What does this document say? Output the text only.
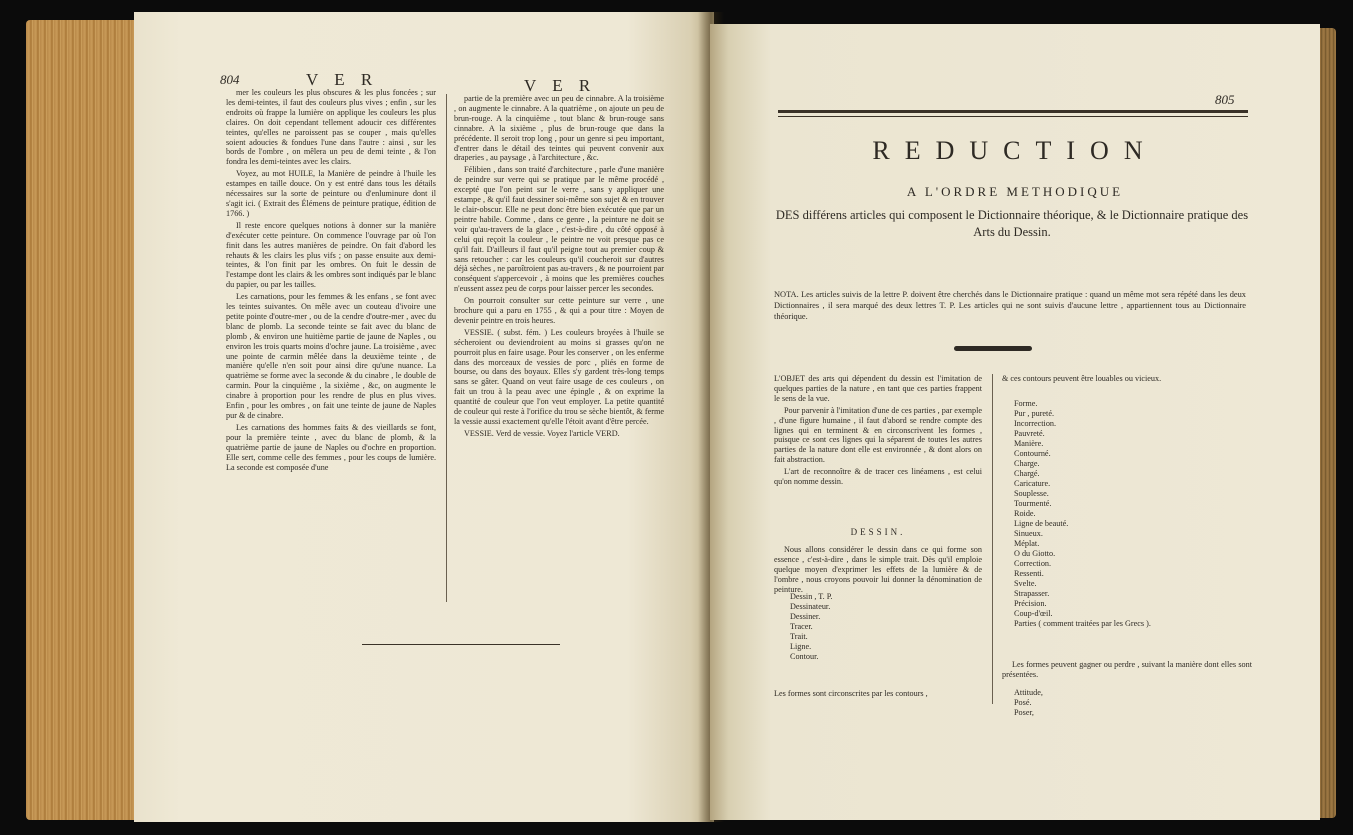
804	V E R	V E R

mer les couleurs les plus obscures & les plus foncées ; sur les demi-teintes, il faut des couleurs plus vives ; enfin , sur les endroits où frappe la lumière on applique les couleurs les plus claires. On doit cependant tellement adoucir ces différentes teintes, qu'elles ne paroissent pas se couper , mais qu'elles soient adoucies & fondues l'une dans l'autre : ainsi , sur les bords de l'ombre , on mêlera un peu de demi teinte , & l'on fondra les demi-teintes avec les clairs.

Voyez, au mot HUILE, la Manière de peindre à l'huile les estampes en taille douce. On y est entré dans tous les détails nécessaires sur la sorte de peinture ou d'enluminure dont il s'agit ici. ( Extrait des Élémens de peinture pratique, édition de 1766. )

Il reste encore quelques notions à donner sur la manière d'exécuter cette peinture. On commence l'ouvrage par où l'on finit dans les autres manières de peindre. On fait d'abord les rehauts & les clairs les plus vifs ; on passe ensuite aux demi-teintes, & l'on finit par les ombres. On fuit le dessin de l'estampe dont les clairs & les ombres sont indiqués par le blanc du papier, ou par les tailles.

Les carnations, pour les femmes & les enfans , se font avec les teintes suivantes. On mêle avec un couteau d'ivoire une petite pointe d'outre-mer , ou de la cendre d'outre-mer , avec du blanc de plomb. La seconde teinte se fait avec du blanc de plomb , & environ une huitième partie de jaune de Naples , ou environ les trois quarts moins d'ochre jaune. La troisième , avec une pointe de carmin mêlée dans la deuxième teinte , de manière qu'elle n'en soit pour ainsi dire qu'une nuance. La quatrième se forme avec la seconde & du cinabre , le double de carmin. Pour la cinquième , la sixième , &c, on augmente le cinabre à proportion pour les rendre de plus en plus vives. Enfin , pour les ombres , on fait une teinte de jaune de Naples pur & de cinabre.

Les carnations des hommes faits & des vieillards se font, pour la première teinte , avec du blanc de plomb, & la quatrième partie de jaune de Naples ou d'ochre en proportion. Elle sert, comme celle des femmes , pour les coups de lumière. La seconde est composée d'une

partie de la première avec un peu de cinnabre. A la troisième , on augmente le cinnabre. A la quatrième , on ajoute un peu de brun-rouge. A la cinquième , tout blanc & brun-rouge sans cinnabre. A la sixième , plus de brun-rouge que dans la précédente. Il seroit trop long , pour un genre si peu important, d'entrer dans le détail des teintes qui peuvent convenir aux draperies , au paysage , à l'architecture , &c.

Félibien , dans son traité d'architecture , parle d'une manière de peindre sur verre qui se pratique par le même procédé , excepté que l'on peint sur le verre , sans y appliquer une estampe , & qu'il faut dessiner soi-même son sujet & en trouver le clair-obscur. Elle ne peut donc être bien exécutée que par un peintre habile. Comme , dans ce genre , la peinture ne doit se voir qu'au-travers de la glace , c'est-à-dire , du côté opposé à celui qui reçoit la couleur , le peintre ne voit presque pas ce qu'il fait. D'ailleurs il faut qu'il peigne tout au premier coup & sans retoucher : car les couleurs qu'il coucheroit sur d'autres déjà sèches , ne paroîtroient pas au-travers , & ne pourroient par conséquent s'appercevoir , à moins que les premières couches n'eussent assez peu de corps pour laisser percer les secondes.

On pourroit consulter sur cette peinture sur verre , une brochure qui a paru en 1755 , & qui a pour titre : Moyen de devenir peintre en trois heures.

VESSIE. ( subst. fém. ) Les couleurs broyées à l'huile se sécheroient ou deviendroient au moins si grasses qu'on ne pourroit plus en faire usage. Pour les conserver , on les enferme dans des morceaux de vessies de porc , pliés en forme de bourse, ou dans des boyaux. Elles s'y gardent très-long temps sans se gâter. Quand on veut faire usage de ces couleurs , on fait un trou à la peau avec une épingle , & on exprime la quantité de couleur que l'on veut employer. La petite quantité de couleur qui reste à l'orifice du trou se sèche bientôt, & ferme la vessie aussi exactement qu'elle l'étoit avant d'être percée.

VESSIE. Verd de vessie. Voyez l'article VERD.

805
REDUCTION
A L'ORDRE METHODIQUE
DES différens articles qui composent le Dictionnaire théorique, & le Dictionnaire pratique des Arts du Dessin.
NOTA. Les articles suivis de la lettre P. doivent être cherchés dans le Dictionnaire pratique : quand un même mot sera répété dans les deux Dictionnaires , il sera marqué des deux lettres T. P. Les articles qui ne sont suivis d'aucune lettre , appartiennent tous au Dictionnaire théorique.
L'OBJET des arts qui dépendent du dessin est l'imitation de quelques parties de la nature , en tant que ces parties frappent le sens de la vue.
Pour parvenir à l'imitation d'une de ces parties , par exemple , d'une figure humaine , il faut d'abord se rendre compte des lignes qui en terminent & en circonscrivent les formes , puisque ce sont ces lignes qui la séparent de toutes les autres parties de la nature dont elle est environnée , & dont alors on fait abstraction.
L'art de reconnoître & de tracer ces linéamens , est celui qu'on nomme dessin.
DESSIN.
Nous allons considérer le dessin dans ce qui forme son essence , c'est-à-dire , dans le simple trait. Dès qu'il emploie quelque moyen d'exprimer les effets de la lumière & de l'ombre , nous croyons pouvoir lui donner la dénomination de peinture.
Dessin , T. P.
Dessinateur.
Dessiner.
Tracer.
Trait.
Ligne.
Contour.
Les formes sont circonscrites par les contours ,
& ces contours peuvent être louables ou vicieux.
Forme.
Pur , pureté.
Incorrection.
Pauvreté.
Manière.
Contourné.
Charge.
Chargé.
Caricature.
Souplesse.
Tourmenté.
Roide.
Ligne de beauté.
Sinueux.
Méplat.
O du Giotto.
Correction.
Ressenti.
Svelte.
Strapasser.
Précision.
Coup-d'œil.
Parties ( comment traitées par les Grecs ).
Les formes peuvent gagner ou perdre , suivant la manière dont elles sont présentées.
Attitude,
Posé.
Poser,
